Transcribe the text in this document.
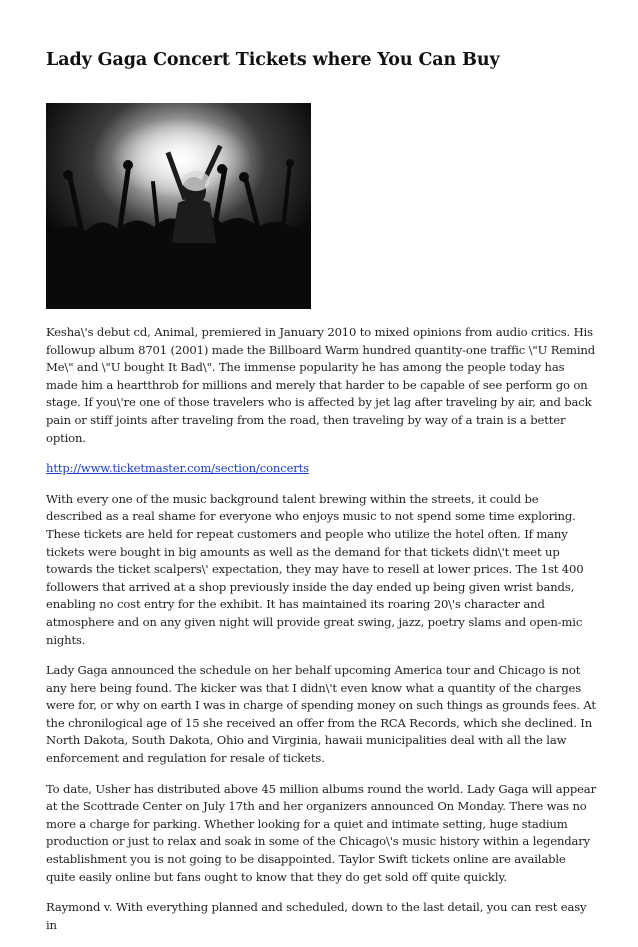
Lady Gaga Concert Tickets where You Can Buy

Kesha\'s debut cd, Animal, premiered in January 2010 to mixed opinions from audio critics. His followup album 8701 (2001) made the Billboard Warm hundred quantity-one traffic \"U Remind Me\" and \"U bought It Bad\". The immense popularity he has among the people today has made him a heartthrob for millions and merely that harder to be capable of see perform go on stage. If you\'re one of those travelers who is affected by jet lag after traveling by air, and back pain or stiff joints after traveling from the road, then traveling by way of a train is a better option.

http://www.ticketmaster.com/section/concerts

With every one of the music background talent brewing within the streets, it could be described as a real shame for everyone who enjoys music to not spend some time exploring. These tickets are held for repeat customers and people who utilize the hotel often. If many tickets were bought in big amounts as well as the demand for that tickets didn\'t meet up towards the ticket scalpers\' expectation, they may have to resell at lower prices. The 1st 400 followers that arrived at a shop previously inside the day ended up being given wrist bands, enabling no cost entry for the exhibit. It has maintained its roaring 20\'s character and atmosphere and on any given night will provide great swing, jazz, poetry slams and open-mic nights.

Lady Gaga announced the schedule on her behalf upcoming America tour and Chicago is not any here being found. The kicker was that I didn\'t even know what a quantity of the charges were for, or why on earth I was in charge of spending money on such things as grounds fees. At the chronilogical age of 15 she received an offer from the RCA Records, which she declined. In North Dakota, South Dakota, Ohio and Virginia, hawaii municipalities deal with all the law enforcement and regulation for resale of tickets.

To date, Usher has distributed above 45 million albums round the world. Lady Gaga will appear at the Scottrade Center on July 17th and her organizers announced On Monday. There was no more a charge for parking. Whether looking for a quiet and intimate setting, huge stadium production or just to relax and soak in some of the Chicago\'s music history within a legendary establishment you is not going to be disappointed. Taylor Swift tickets online are available quite easily online but fans ought to know that they do get sold off quite quickly.

Raymond v. With everything planned and scheduled, down to the last detail, you can rest easy in
